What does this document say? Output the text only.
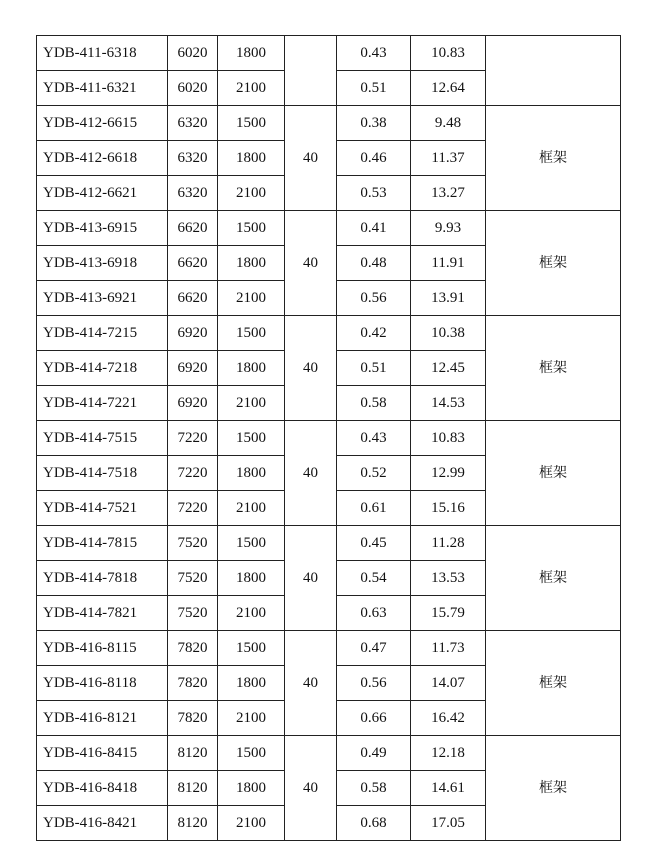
YDB-411-6318	6020	1800		0.43	10.83	
YDB-411-6321	6020	2100		0.51	12.64	
YDB-412-6615	6320	1500	40	0.38	9.48	框架
YDB-412-6618	6320	1800		0.46	11.37	
YDB-412-6621	6320	2100		0.53	13.27	
YDB-413-6915	6620	1500	40	0.41	9.93	框架
YDB-413-6918	6620	1800		0.48	11.91	
YDB-413-6921	6620	2100		0.56	13.91	
YDB-414-7215	6920	1500	40	0.42	10.38	框架
YDB-414-7218	6920	1800		0.51	12.45	
YDB-414-7221	6920	2100		0.58	14.53	
YDB-414-7515	7220	1500	40	0.43	10.83	框架
YDB-414-7518	7220	1800		0.52	12.99	
YDB-414-7521	7220	2100		0.61	15.16	
YDB-414-7815	7520	1500	40	0.45	11.28	框架
YDB-414-7818	7520	1800		0.54	13.53	
YDB-414-7821	7520	2100		0.63	15.79	
YDB-416-8115	7820	1500	40	0.47	11.73	框架
YDB-416-8118	7820	1800		0.56	14.07	
YDB-416-8121	7820	2100		0.66	16.42	
YDB-416-8415	8120	1500	40	0.49	12.18	框架
YDB-416-8418	8120	1800		0.58	14.61	
YDB-416-8421	8120	2100		0.68	17.05	
